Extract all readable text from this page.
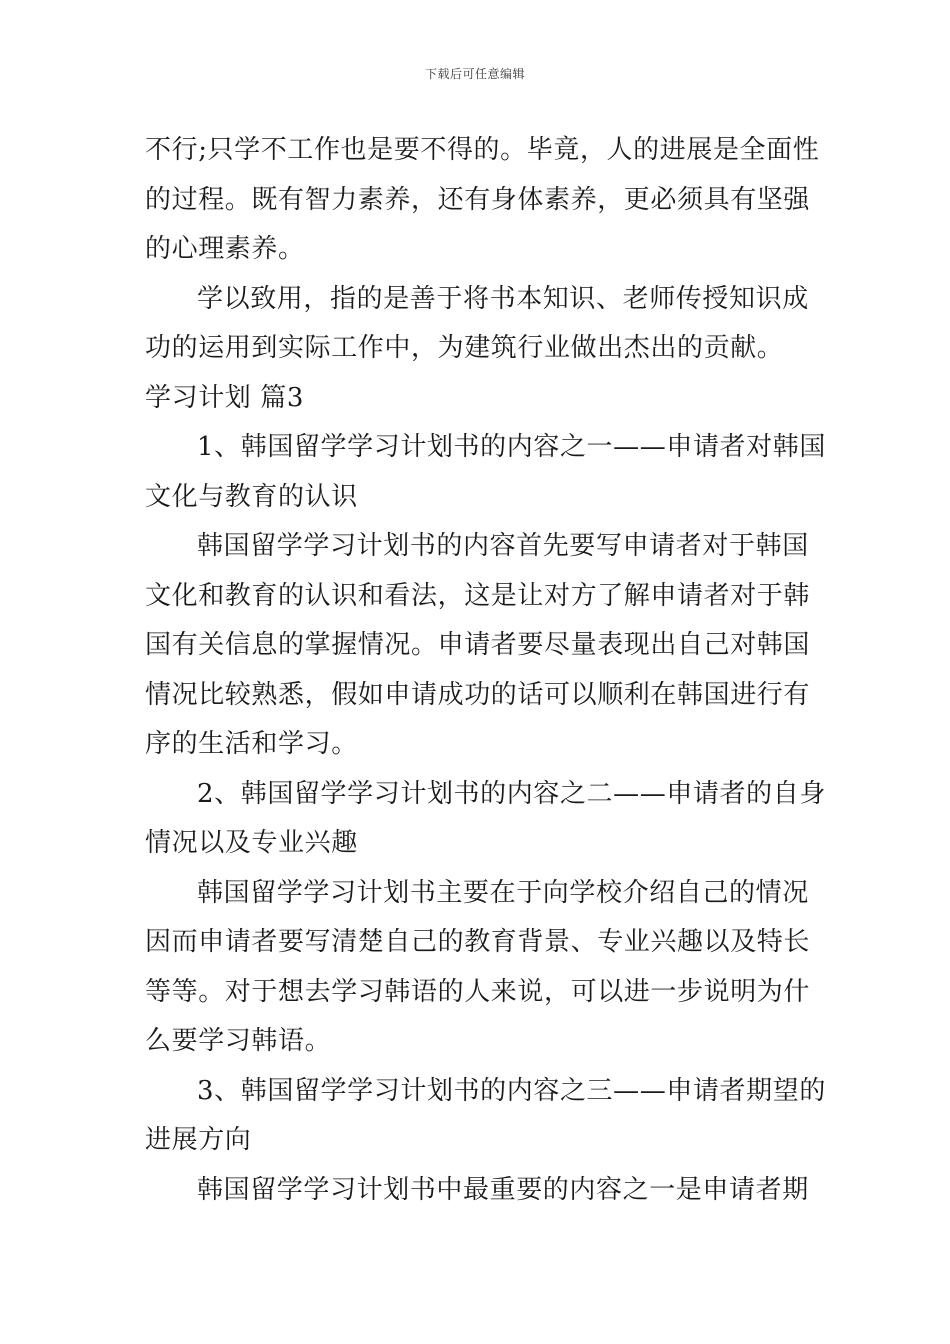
下载后可任意编辑
不行;只学不工作也是要不得的。毕竟，人的进展是全面性
的过程。既有智力素养，还有身体素养，更必须具有坚强
的心理素养。
学以致用，指的是善于将书本知识、老师传授知识成
功的运用到实际工作中，为建筑行业做出杰出的贡献。
学习计划 篇3
1、韩国留学学习计划书的内容之一——申请者对韩国
文化与教育的认识
韩国留学学习计划书的内容首先要写申请者对于韩国
文化和教育的认识和看法，这是让对方了解申请者对于韩
国有关信息的掌握情况。申请者要尽量表现出自己对韩国
情况比较熟悉，假如申请成功的话可以顺利在韩国进行有
序的生活和学习。
2、韩国留学学习计划书的内容之二——申请者的自身
情况以及专业兴趣
韩国留学学习计划书主要在于向学校介绍自己的情况
因而申请者要写清楚自己的教育背景、专业兴趣以及特长
等等。对于想去学习韩语的人来说，可以进一步说明为什
么要学习韩语。
3、韩国留学学习计划书的内容之三——申请者期望的
进展方向
韩国留学学习计划书中最重要的内容之一是申请者期
